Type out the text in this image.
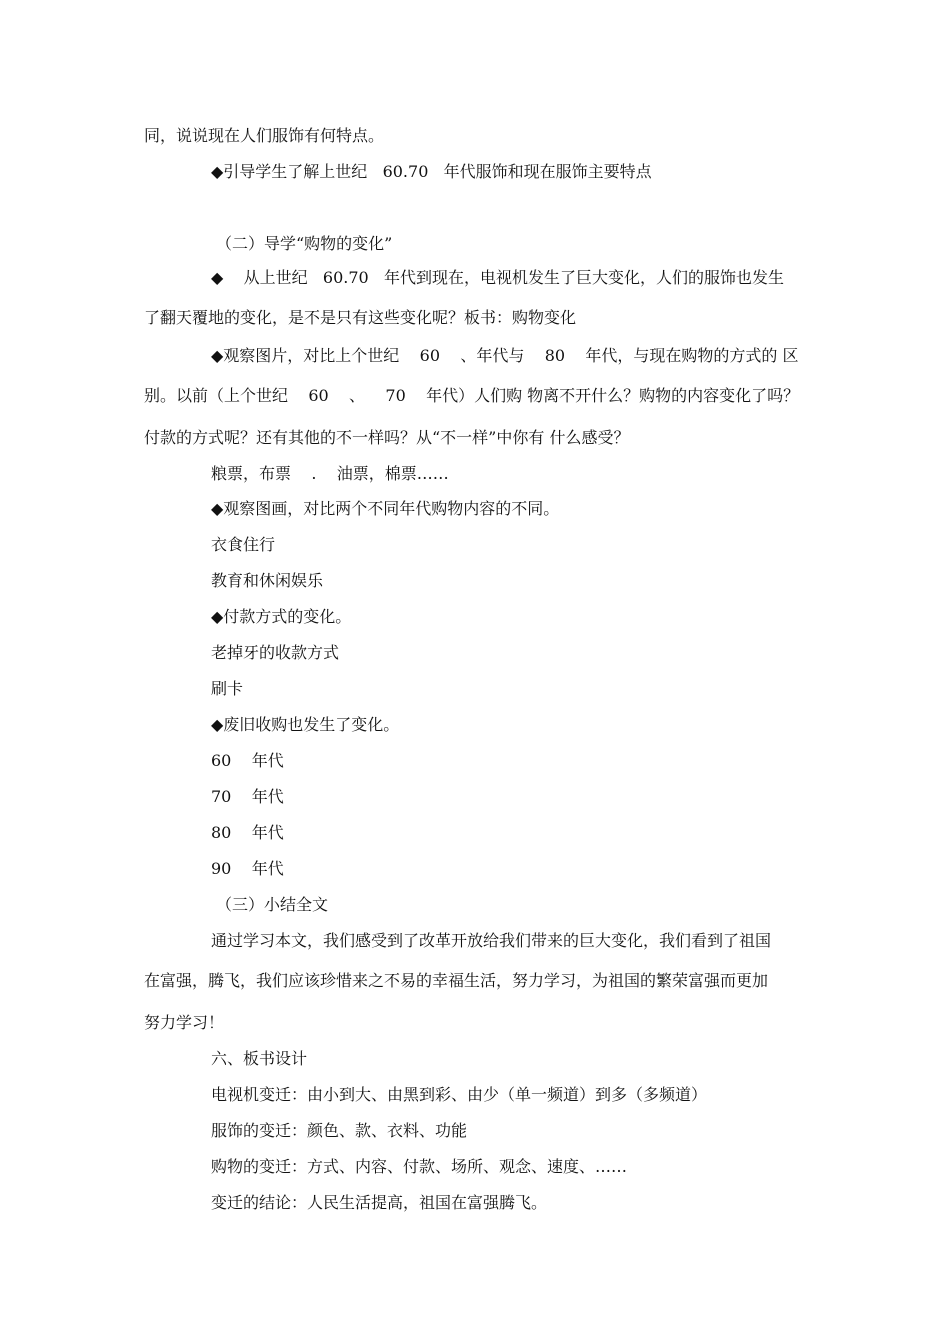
同，说说现在人们服饰有何特点。

◆引导学生了解上世纪   60.70   年代服饰和现在服饰主要特点

（二）导学“购物的变化”

◆    从上世纪   60.70   年代到现在，电视机发生了巨大变化，人们的服饰也发生

了翻天覆地的变化，是不是只有这些变化呢？板书：购物变化

◆观察图片，对比上个世纪    60    、年代与    80    年代，与现在购物的方式的 区

别。以前（上个世纪    60    、    70    年代）人们购 物离不开什么？购物的内容变化了吗？

付款的方式呢？还有其他的不一样吗？从“不一样”中你有 什么感受？

粮票，布票    .    油票，棉票……

◆观察图画，对比两个不同年代购物内容的不同。

衣食住行

教育和休闲娱乐

◆付款方式的变化。

老掉牙的收款方式

刷卡

◆废旧收购也发生了变化。

60    年代

70    年代

80    年代

90    年代

（三）小结全文

通过学习本文，我们感受到了改革开放给我们带来的巨大变化，我们看到了祖国

在富强，腾飞，我们应该珍惜来之不易的幸福生活，努力学习，为祖国的繁荣富强而更加

努力学习！

六、板书设计

电视机变迁：由小到大、由黑到彩、由少（单一频道）到多（多频道）

服饰的变迁：颜色、款、衣料、功能

购物的变迁：方式、内容、付款、场所、观念、速度、……

变迁的结论：人民生活提高，祖国在富强腾飞。
